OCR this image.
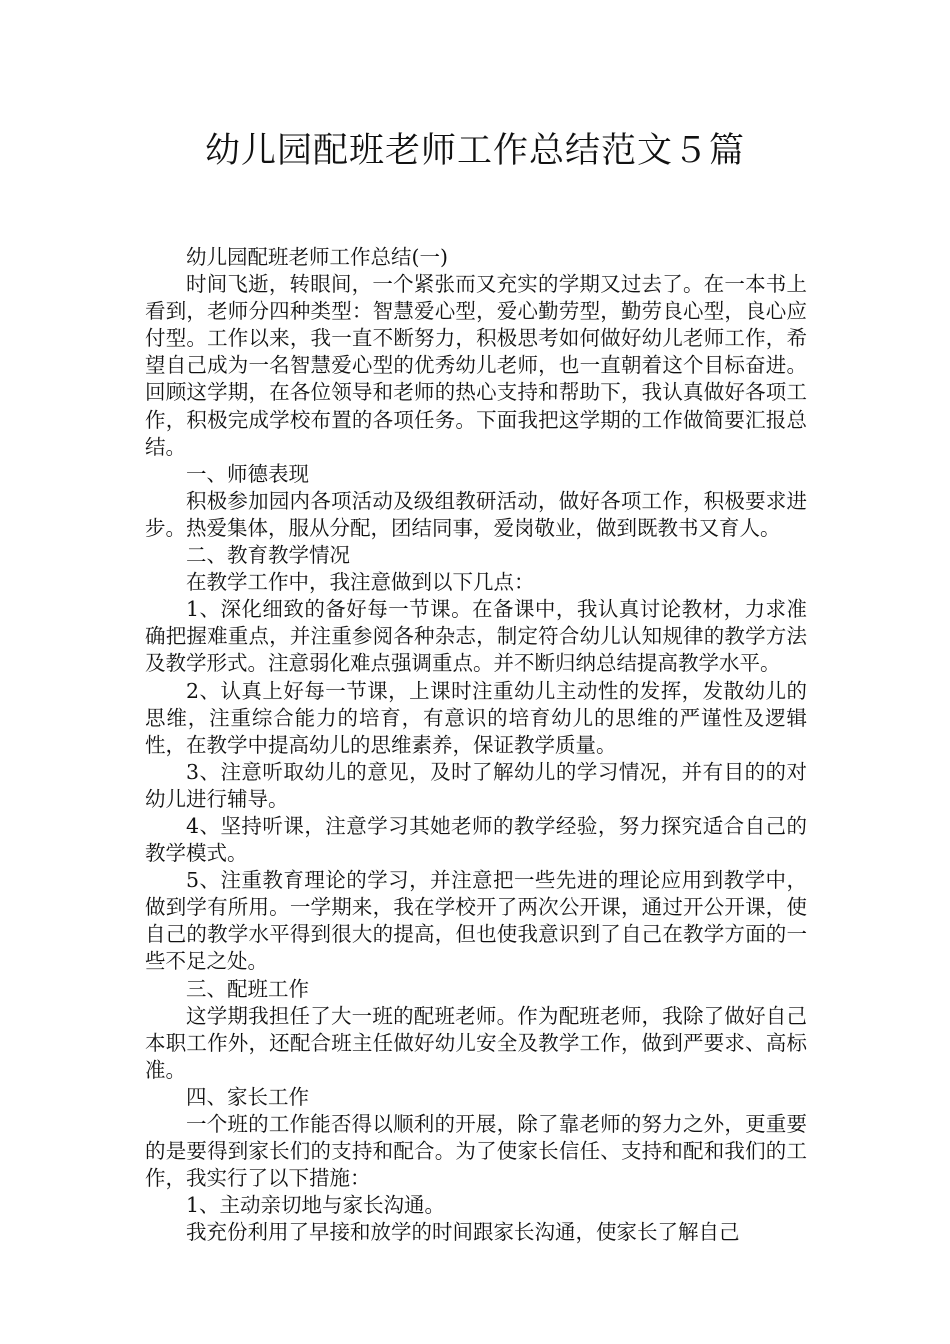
幼儿园配班老师工作总结范文５篇

幼儿园配班老师工作总结(一)

时间飞逝，转眼间，一个紧张而又充实的学期又过去了。在一本书上看到，老师分四种类型：智慧爱心型，爱心勤劳型，勤劳良心型，良心应付型。工作以来，我一直不断努力，积极思考如何做好幼儿老师工作，希望自己成为一名智慧爱心型的优秀幼儿老师，也一直朝着这个目标奋进。回顾这学期，在各位领导和老师的热心支持和帮助下，我认真做好各项工作，积极完成学校布置的各项任务。下面我把这学期的工作做简要汇报总结。

一、师德表现

积极参加园内各项活动及级组教研活动，做好各项工作，积极要求进步。热爱集体，服从分配，团结同事，爱岗敬业，做到既教书又育人。

二、教育教学情况

在教学工作中，我注意做到以下几点：

1、深化细致的备好每一节课。在备课中，我认真讨论教材，力求准确把握难重点，并注重参阅各种杂志，制定符合幼儿认知规律的教学方法及教学形式。注意弱化难点强调重点。并不断归纳总结提高教学水平。

2、认真上好每一节课，上课时注重幼儿主动性的发挥，发散幼儿的思维，注重综合能力的培育，有意识的培育幼儿的思维的严谨性及逻辑性，在教学中提高幼儿的思维素养，保证教学质量。

3、注意听取幼儿的意见，及时了解幼儿的学习情况，并有目的的对幼儿进行辅导。

4、坚持听课，注意学习其她老师的教学经验，努力探究适合自己的教学模式。

5、注重教育理论的学习，并注意把一些先进的理论应用到教学中，做到学有所用。一学期来，我在学校开了两次公开课，通过开公开课，使自己的教学水平得到很大的提高，但也使我意识到了自己在教学方面的一些不足之处。

三、配班工作

这学期我担任了大一班的配班老师。作为配班老师，我除了做好自己本职工作外，还配合班主任做好幼儿安全及教学工作，做到严要求、高标准。

四、家长工作

一个班的工作能否得以顺利的开展，除了靠老师的努力之外，更重要的是要得到家长们的支持和配合。为了使家长信任、支持和配和我们的工作，我实行了以下措施：

1、主动亲切地与家长沟通。

我充份利用了早接和放学的时间跟家长沟通，使家长了解自己
